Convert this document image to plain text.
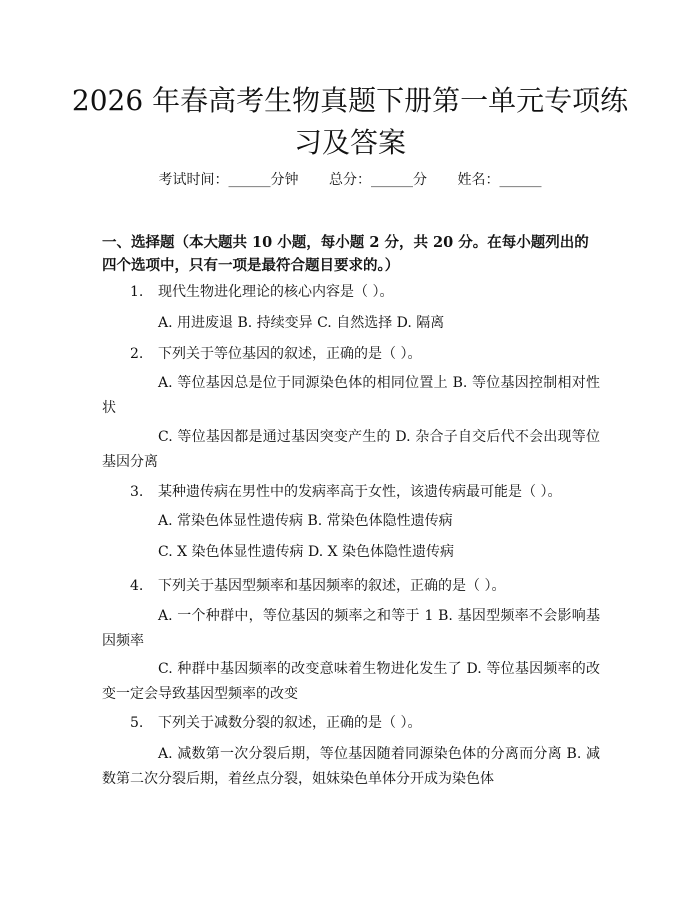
2026 年春高考生物真题下册第一单元专项练习及答案
考试时间：______分钟 总分：______分 姓名：______

一、选择题（本大题共 10 小题，每小题 2 分，共 20 分。在每小题列出的四个选项中，只有一项是最符合题目要求的。）

1. 现代生物进化理论的核心内容是（ ）。
A. 用进废退 B. 持续变异 C. 自然选择 D. 隔离
2. 下列关于等位基因的叙述，正确的是（ ）。
A. 等位基因总是位于同源染色体的相同位置上 B. 等位基因控制相对性状
C. 等位基因都是通过基因突变产生的 D. 杂合子自交后代不会出现等位基因分离
3. 某种遗传病在男性中的发病率高于女性，该遗传病最可能是（ ）。
A. 常染色体显性遗传病 B. 常染色体隐性遗传病
C. X 染色体显性遗传病 D. X 染色体隐性遗传病
4. 下列关于基因型频率和基因频率的叙述，正确的是（ ）。
A. 一个种群中，等位基因的频率之和等于 1 B. 基因型频率不会影响基因频率
C. 种群中基因频率的改变意味着生物进化发生了 D. 等位基因频率的改变一定会导致基因型频率的改变
5. 下列关于减数分裂的叙述，正确的是（ ）。
A. 减数第一次分裂后期，等位基因随着同源染色体的分离而分离 B. 减数第二次分裂后期，着丝点分裂，姐妹染色单体分开成为染色体
